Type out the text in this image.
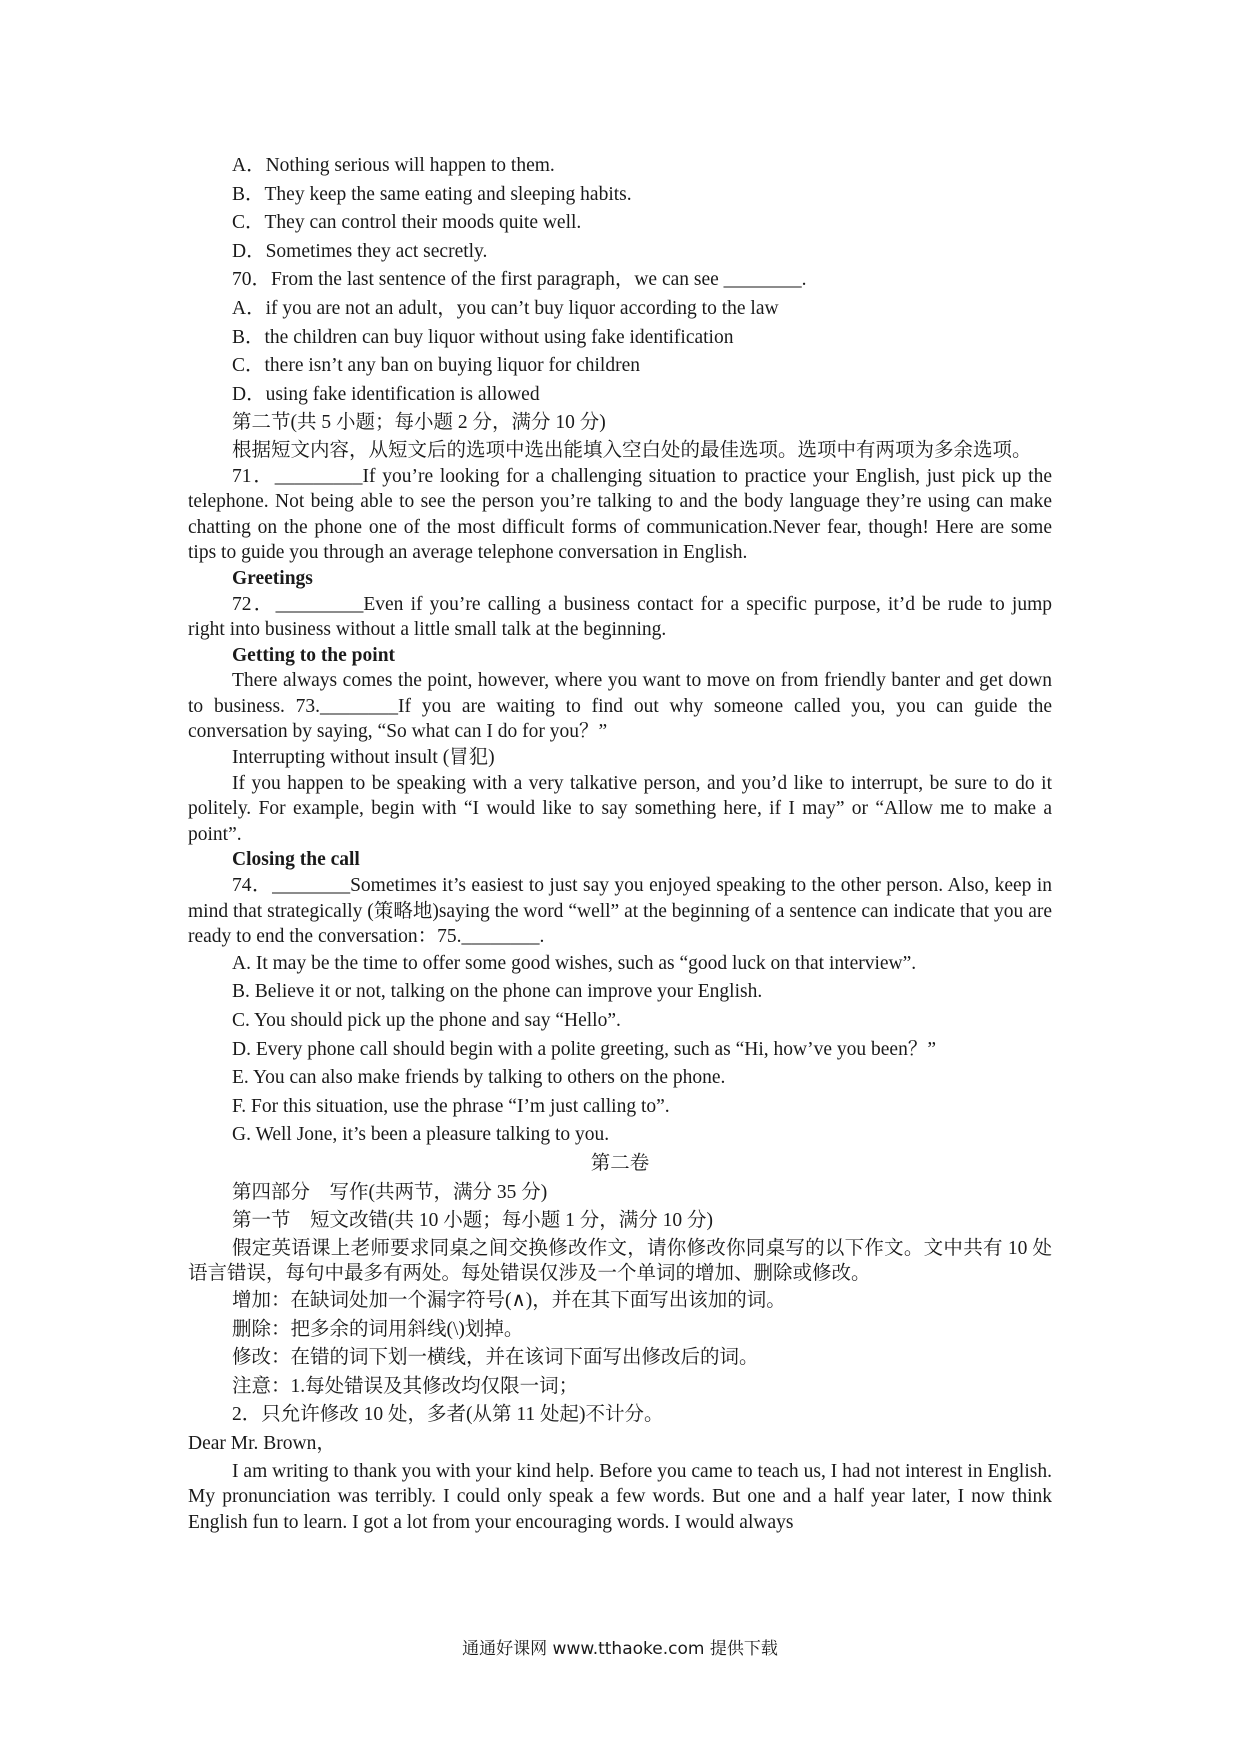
A．Nothing serious will happen to them.
B．They keep the same eating and sleeping habits.
C．They can control their moods quite well.
D．Sometimes they act secretly.
70．From the last sentence of the first paragraph，we can see ________.
A．if you are not an adult，you can’t buy liquor according to the law
B．the children can buy liquor without using fake identification
C．there isn’t any ban on buying liquor for children
D．using fake identification is allowed
第二节(共 5 小题；每小题 2 分，满分 10 分)
根据短文内容，从短文后的选项中选出能填入空白处的最佳选项。选项中有两项为多余选项。
71．_________If you’re looking for a challenging situation to practice your English, just pick up the telephone. Not being able to see the person you’re talking to and the body language they’re using can make chatting on the phone one of the most difficult forms of communication.Never fear, though! Here are some tips to guide you through an average telephone conversation in English.
Greetings
72．_________Even if you’re calling a business contact for a specific purpose, it’d be rude to jump right into business without a little small talk at the beginning.
Getting to the point
There always comes the point, however, where you want to move on from friendly banter and get down to business. 73.________If you are waiting to find out why someone called you, you can guide the conversation by saying, “So what can I do for you？”
Interrupting without insult (冒犯)
If you happen to be speaking with a very talkative person, and you’d like to interrupt, be sure to do it politely. For example, begin with “I would like to say something here, if I may” or “Allow me to make a point”.
Closing the call
74．________Sometimes it’s easiest to just say you enjoyed speaking to the other person. Also, keep in mind that strategically (策略地)saying the word “well” at the beginning of a sentence can indicate that you are ready to end the conversation：75.________.
A. It may be the time to offer some good wishes, such as “good luck on that interview”.
B. Believe it or not, talking on the phone can improve your English.
C. You should pick up the phone and say “Hello”.
D. Every phone call should begin with a polite greeting, such as “Hi, how’ve you been？”
E. You can also make friends by talking to others on the phone.
F. For this situation, use the phrase “I’m just calling to”.
G. Well Jone, it’s been a pleasure talking to you.
第二卷
第四部分　写作(共两节，满分 35 分)
第一节　短文改错(共 10 小题；每小题 1 分，满分 10 分)
假定英语课上老师要求同桌之间交换修改作文，请你修改你同桌写的以下作文。文中共有 10 处语言错误，每句中最多有两处。每处错误仅涉及一个单词的增加、删除或修改。
增加：在缺词处加一个漏字符号(∧)，并在其下面写出该加的词。
删除：把多余的词用斜线(\)划掉。
修改：在错的词下划一横线，并在该词下面写出修改后的词。
注意：1.每处错误及其修改均仅限一词；
2．只允许修改 10 处，多者(从第 11 处起)不计分。
Dear Mr. Brown，
I am writing to thank you with your kind help. Before you came to teach us, I had not interest in English. My pronunciation was terribly. I could only speak a few words. But one and a half year later, I now think English fun to learn. I got a lot from your encouraging words. I would always
通通好课网 www.tthaoke.com 提供下载
